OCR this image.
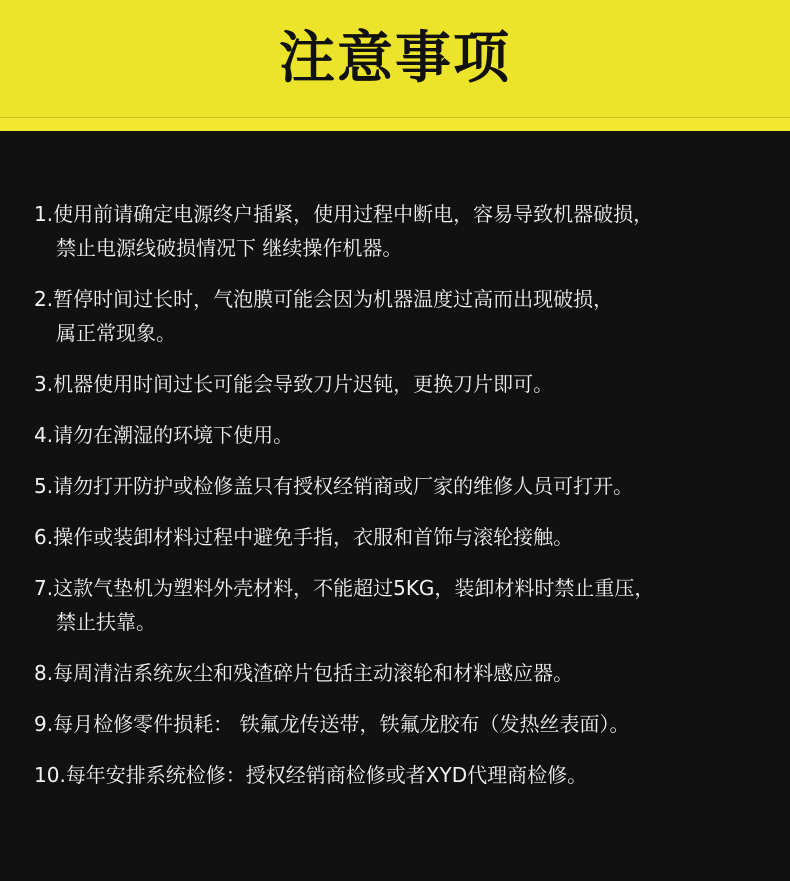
注意事项
1.使用前请确定电源终户插紧，使用过程中断电，容易导致机器破损，
禁止电源线破损情况下 继续操作机器。
2.暂停时间过长时，气泡膜可能会因为机器温度过高而出现破损，
属正常现象。
3.机器使用时间过长可能会导致刀片迟钝，更换刀片即可。
4.请勿在潮湿的环境下使用。
5.请勿打开防护或检修盖只有授权经销商或厂家的维修人员可打开。
6.操作或装卸材料过程中避免手指，衣服和首饰与滚轮接触。
7.这款气垫机为塑料外壳材料，不能超过5KG，装卸材料时禁止重压，
禁止扶靠。
8.每周清洁系统灰尘和残渣碎片包括主动滚轮和材料感应器。
9.每月检修零件损耗： 铁氟龙传送带，铁氟龙胶布（发热丝表面）。
10.每年安排系统检修：授权经销商检修或者XYD代理商检修。
